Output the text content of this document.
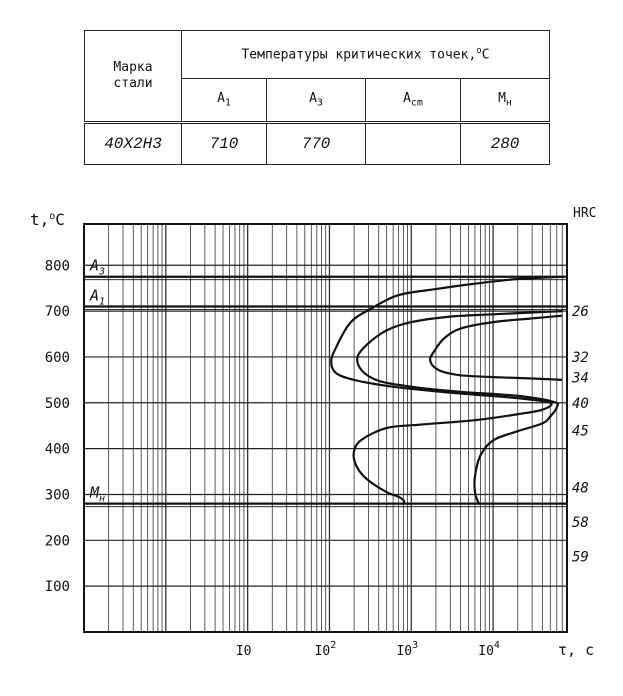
Марка
стали	Температуры критических точек,$^o$C			
	$A_1$	$A_3$	$A_{cm}$	$M_н$
40Х2Н3	710	770		280
800
700
600
500
400
300
200
I00
I0	$I0^2$	$I0^3$	$I0^4$
26
32
34
40
45
48
58
59
$A_3$
$A_1$
$M_н$
t,$^o$C
τ, c
HRC
